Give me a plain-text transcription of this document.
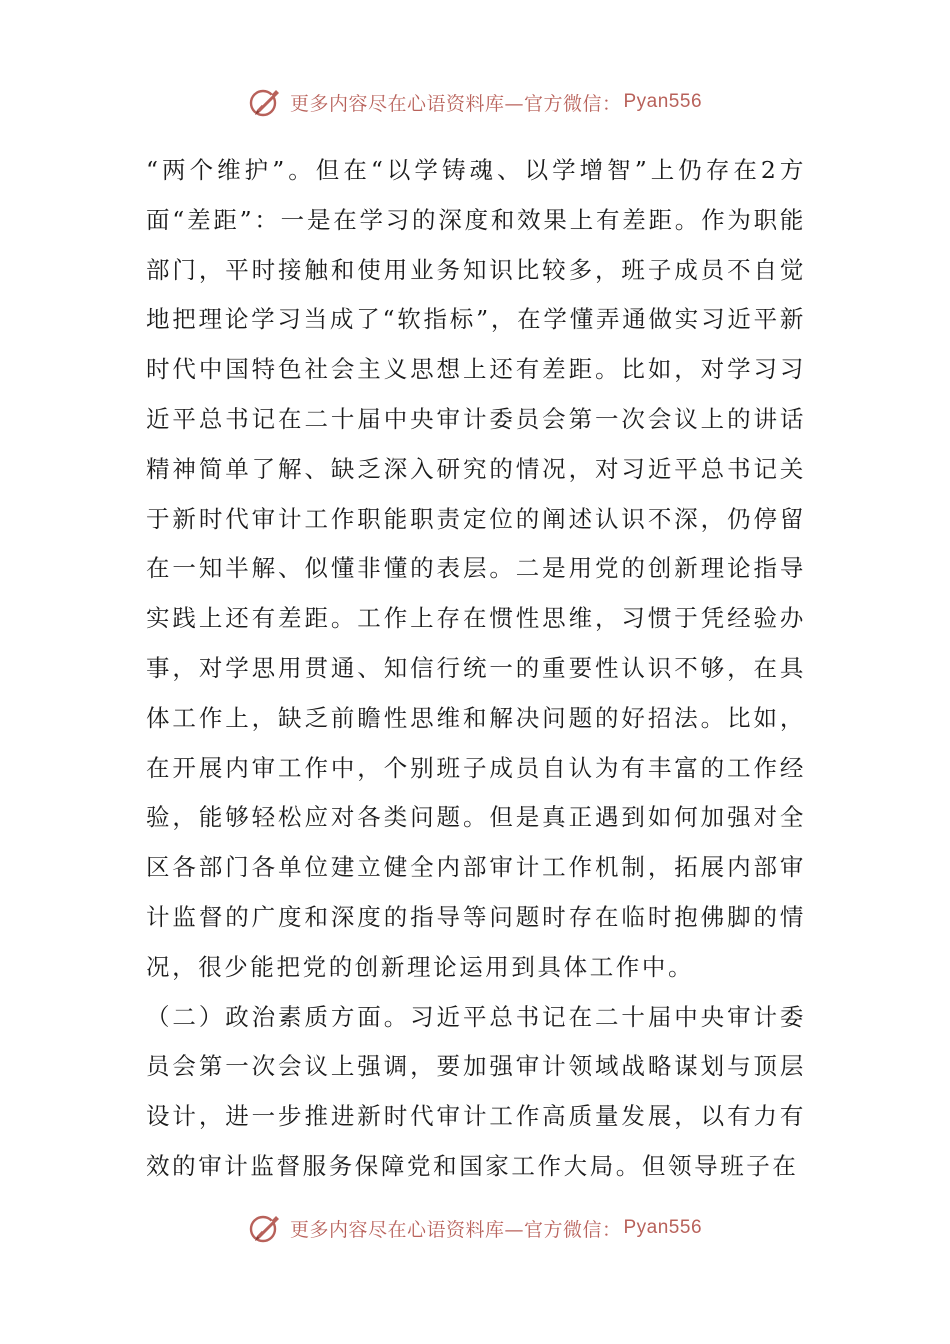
更多内容尽在心语资料库—官方微信： Pyan556

“两个维护”。但在“以学铸魂、以学增智”上仍存在2方面“差距”：一是在学习的深度和效果上有差距。作为职能部门，平时接触和使用业务知识比较多，班子成员不自觉地把理论学习当成了“软指标”，在学懂弄通做实习近平新时代中国特色社会主义思想上还有差距。比如，对学习习近平总书记在二十届中央审计委员会第一次会议上的讲话精神简单了解、缺乏深入研究的情况，对习近平总书记关于新时代审计工作职能职责定位的阐述认识不深，仍停留在一知半解、似懂非懂的表层。二是用党的创新理论指导实践上还有差距。工作上存在惯性思维，习惯于凭经验办事，对学思用贯通、知信行统一的重要性认识不够，在具体工作上，缺乏前瞻性思维和解决问题的好招法。比如，在开展内审工作中，个别班子成员自认为有丰富的工作经验，能够轻松应对各类问题。但是真正遇到如何加强对全区各部门各单位建立健全内部审计工作机制，拓展内部审计监督的广度和深度的指导等问题时存在临时抱佛脚的情况，很少能把党的创新理论运用到具体工作中。

（二）政治素质方面。习近平总书记在二十届中央审计委员会第一次会议上强调，要加强审计领域战略谋划与顶层设计，进一步推进新时代审计工作高质量发展，以有力有效的审计监督服务保障党和国家工作大局。但领导班子在

更多内容尽在心语资料库—官方微信： Pyan556
